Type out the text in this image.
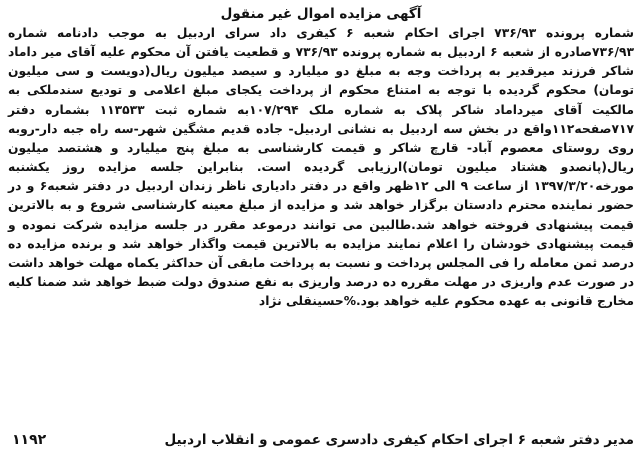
آگهی مزایده اموال غیر منقول

شماره پرونده ۷۳۶/۹۳ اجرای احکام شعبه ۶ کیفری داد سرای اردبیل به موجب دادنامه شماره ۷۳۶/۹۳صادره از شعبه ۶ اردبیل به شماره پرونده ۷۳۶/۹۳ و قطعیت یافتن آن محکوم علیه آقای میر داماد شاکر فرزند میرقدیر به پرداخت وجه به مبلغ دو میلیارد و سیصد میلیون ریال(دویست و سی میلیون تومان) محکوم گردیده با توجه به امتناع محکوم از پرداخت یکجای مبلغ اعلامی و تودیع سندملکی به مالکیت آقای میرداماد شاکر پلاک به شماره ملک ۱۰۷/۲۹۴به شماره ثبت ۱۱۳۵۳۳ بشماره دفتر ۷۱۷صفحه۱۱۲واقع در بخش سه اردبیل به نشانی اردبیل- جاده قدیم مشگین شهر-سه راه جبه دار-روبه روی روستای معصوم آباد- قارچ شاکر و قیمت کارشناسی به مبلغ پنج میلیارد و هشتصد میلیون ریال(پانصدو هشتاد میلیون تومان)ارزیابی گردیده است. بنابراین جلسه مزایده روز یکشنبه مورخه۱۳۹۷/۳/۲۰ از ساعت ۹ الی ۱۲ظهر واقع در دفتر دادیاری ناظر زندان اردبیل در دفتر شعبه۶ و در حضور نماینده محترم دادستان برگزار خواهد شد و مزایده از مبلغ معینه کارشناسی شروع و به بالاترین قیمت پیشنهادی فروخته خواهد شد.طالبین می توانند درموعد مقرر در جلسه مزایده شرکت نموده و قیمت پیشنهادی خودشان را اعلام نمایند مزایده به بالاترین قیمت واگذار خواهد شد و برنده مزایده ده درصد ثمن معامله را فی المجلس پرداخت و نسبت به پرداخت مابقی آن حداکثر یکماه مهلت خواهد داشت در صورت عدم واریزی در مهلت مقرره ده درصد واریزی به نفع صندوق دولت ضبط خواهد شد ضمنا کلیه مخارج قانونی به عهده محکوم علیه خواهد بود.%حسینقلی نژاد

مدیر دفتر شعبه ۶ اجرای احکام کیفری دادسری عمومی و انقلاب اردبیل
۱۱۹۲
